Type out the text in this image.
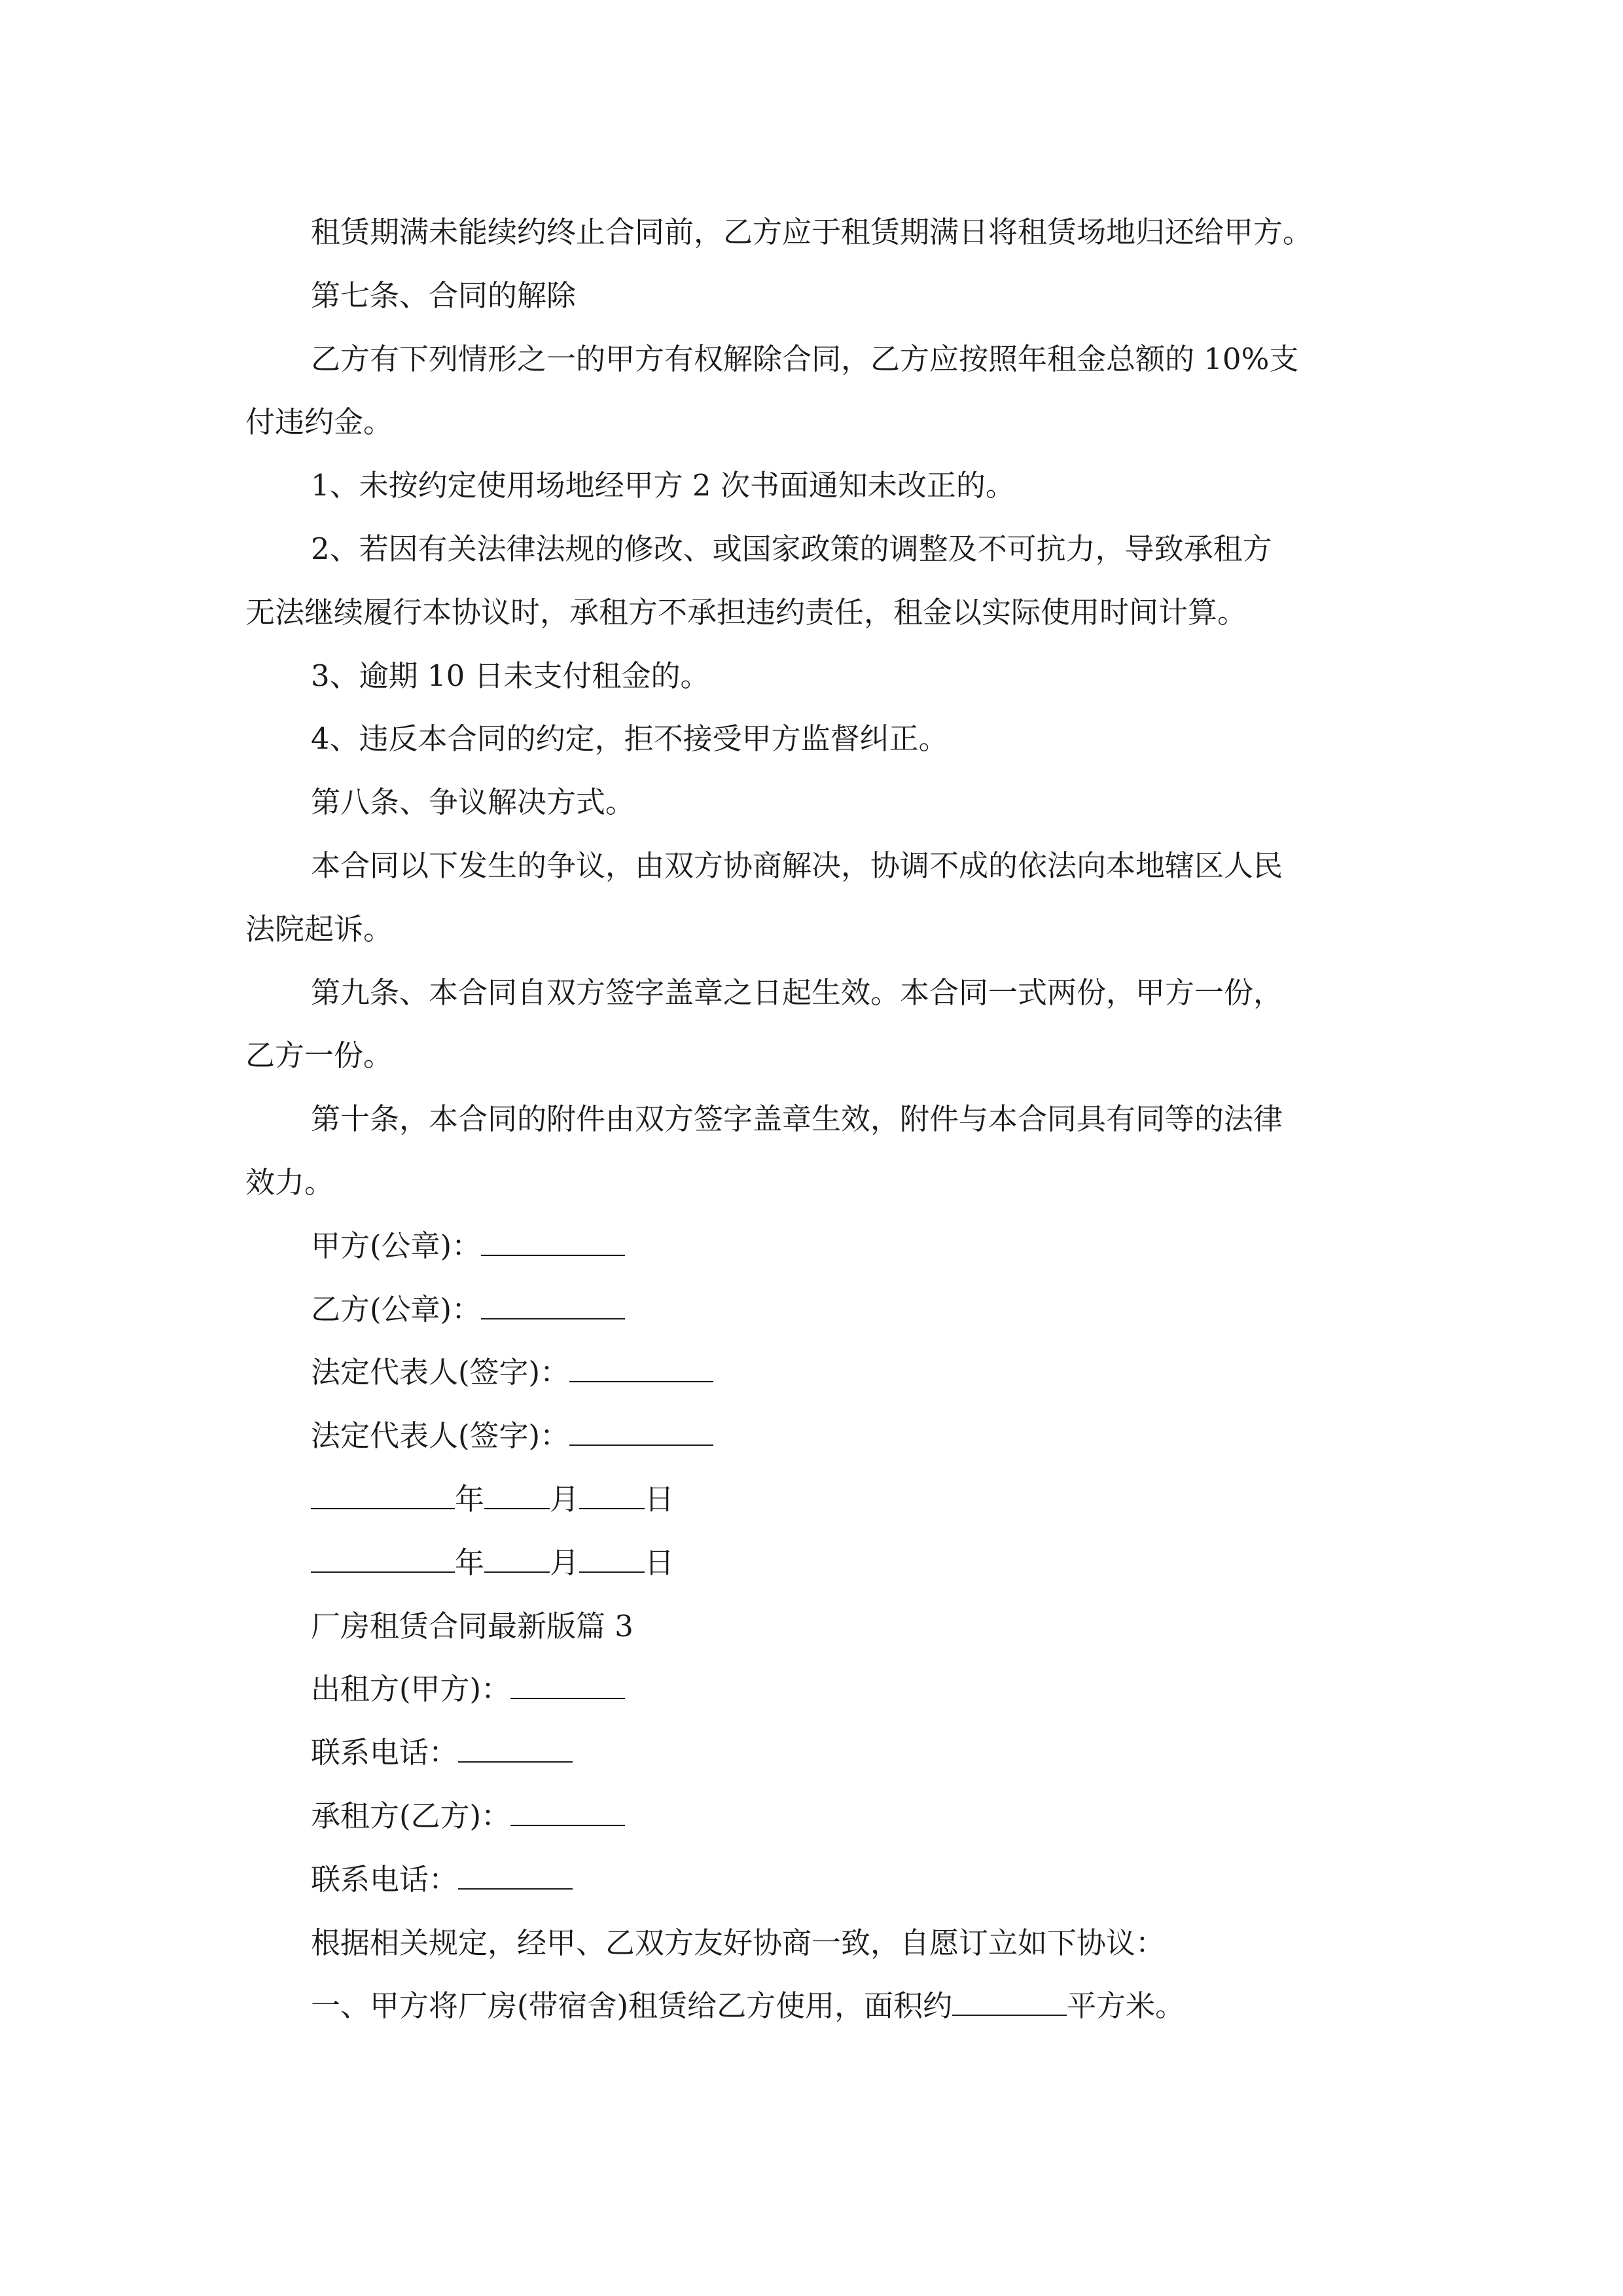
租赁期满未能续约终止合同前，乙方应于租赁期满日将租赁场地归还给甲方。
第七条、合同的解除
乙方有下列情形之一的甲方有权解除合同，乙方应按照年租金总额的 10%支
付违约金。
1、未按约定使用场地经甲方 2 次书面通知未改正的。
2、若因有关法律法规的修改、或国家政策的调整及不可抗力，导致承租方
无法继续履行本协议时，承租方不承担违约责任，租金以实际使用时间计算。
3、逾期 10 日未支付租金的。
4、违反本合同的约定，拒不接受甲方监督纠正。
第八条、争议解决方式。
本合同以下发生的争议，由双方协商解决，协调不成的依法向本地辖区人民
法院起诉。
第九条、本合同自双方签字盖章之日起生效。本合同一式两份，甲方一份，
乙方一份。
第十条，本合同的附件由双方签字盖章生效，附件与本合同具有同等的法律
效力。
甲方(公章)：
乙方(公章)：
法定代表人(签字)：
法定代表人(签字)：
年 月 日
年 月 日
厂房租赁合同最新版篇 3
出租方(甲方)：
联系电话：
承租方(乙方)：
联系电话：
根据相关规定，经甲、乙双方友好协商一致，自愿订立如下协议：
一、甲方将厂房(带宿舍)租赁给乙方使用，面积约	平方米。
